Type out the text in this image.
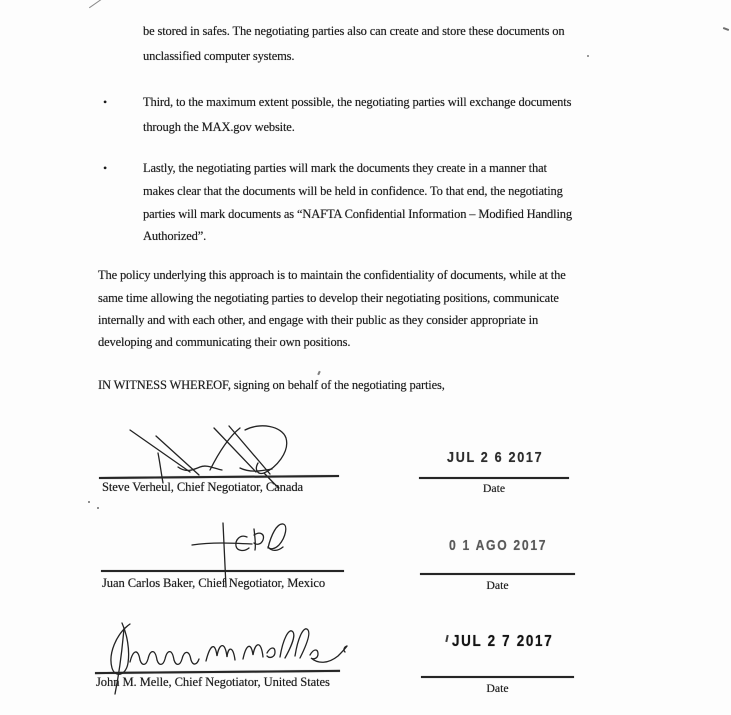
be stored in safes. The negotiating parties also can create and store these documents on
unclassified computer systems.
•	Third, to the maximum extent possible, the negotiating parties will exchange documents
through the MAX.gov website.
•	Lastly, the negotiating parties will mark the documents they create in a manner that
makes clear that the documents will be held in confidence. To that end, the negotiating
parties will mark documents as “NAFTA Confidential Information – Modified Handling
Authorized”.
The policy underlying this approach is to maintain the confidentiality of documents, while at the
same time allowing the negotiating parties to develop their negotiating positions, communicate
internally and with each other, and engage with their public as they consider appropriate in
developing and communicating their own positions.
IN WITNESS WHEREOF, signing on behalf of the negotiating parties,
Steve Verheul, Chief Negotiator, Canada
JUL 2 6 2017
Date
Juan Carlos Baker, Chief Negotiator, Mexico
0 1 AGO 2017
Date
John M. Melle, Chief Negotiator, United States
JUL 2 7 2017
Date
